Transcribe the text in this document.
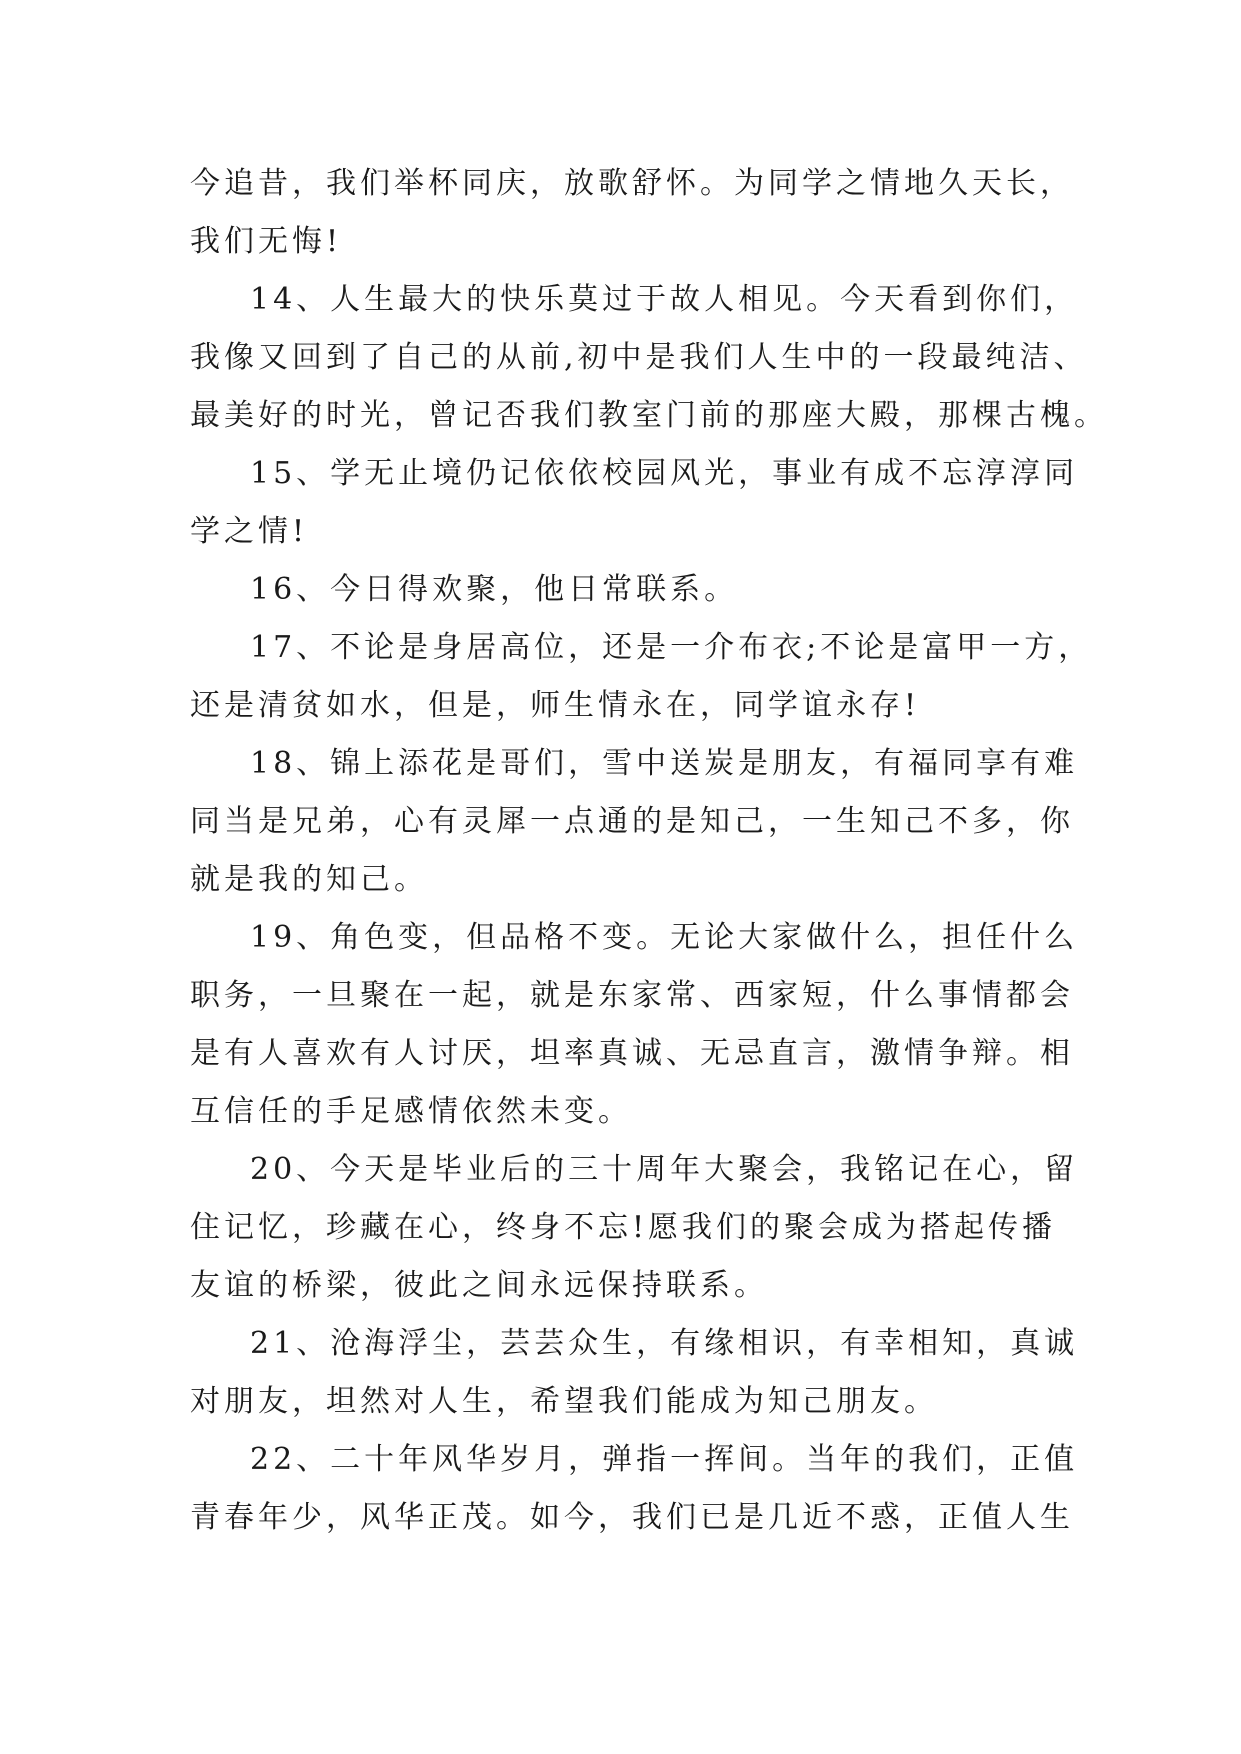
今追昔，我们举杯同庆，放歌舒怀。为同学之情地久天长，
我们无悔!

14、人生最大的快乐莫过于故人相见。今天看到你们，
我像又回到了自己的从前,初中是我们人生中的一段最纯洁、
最美好的时光，曾记否我们教室门前的那座大殿，那棵古槐。

15、学无止境仍记依依校园风光，事业有成不忘淳淳同
学之情!

16、今日得欢聚，他日常联系。

17、不论是身居高位，还是一介布衣;不论是富甲一方，
还是清贫如水，但是，师生情永在，同学谊永存!

18、锦上添花是哥们，雪中送炭是朋友，有福同享有难
同当是兄弟，心有灵犀一点通的是知己，一生知己不多，你
就是我的知己。

19、角色变，但品格不变。无论大家做什么，担任什么
职务，一旦聚在一起，就是东家常、西家短，什么事情都会
是有人喜欢有人讨厌，坦率真诚、无忌直言，激情争辩。相
互信任的手足感情依然未变。

20、今天是毕业后的三十周年大聚会，我铭记在心，留
住记忆，珍藏在心，终身不忘!愿我们的聚会成为搭起传播
友谊的桥梁，彼此之间永远保持联系。

21、沧海浮尘，芸芸众生，有缘相识，有幸相知，真诚
对朋友，坦然对人生，希望我们能成为知己朋友。

22、二十年风华岁月，弹指一挥间。当年的我们，正值
青春年少，风华正茂。如今，我们已是几近不惑，正值人生
